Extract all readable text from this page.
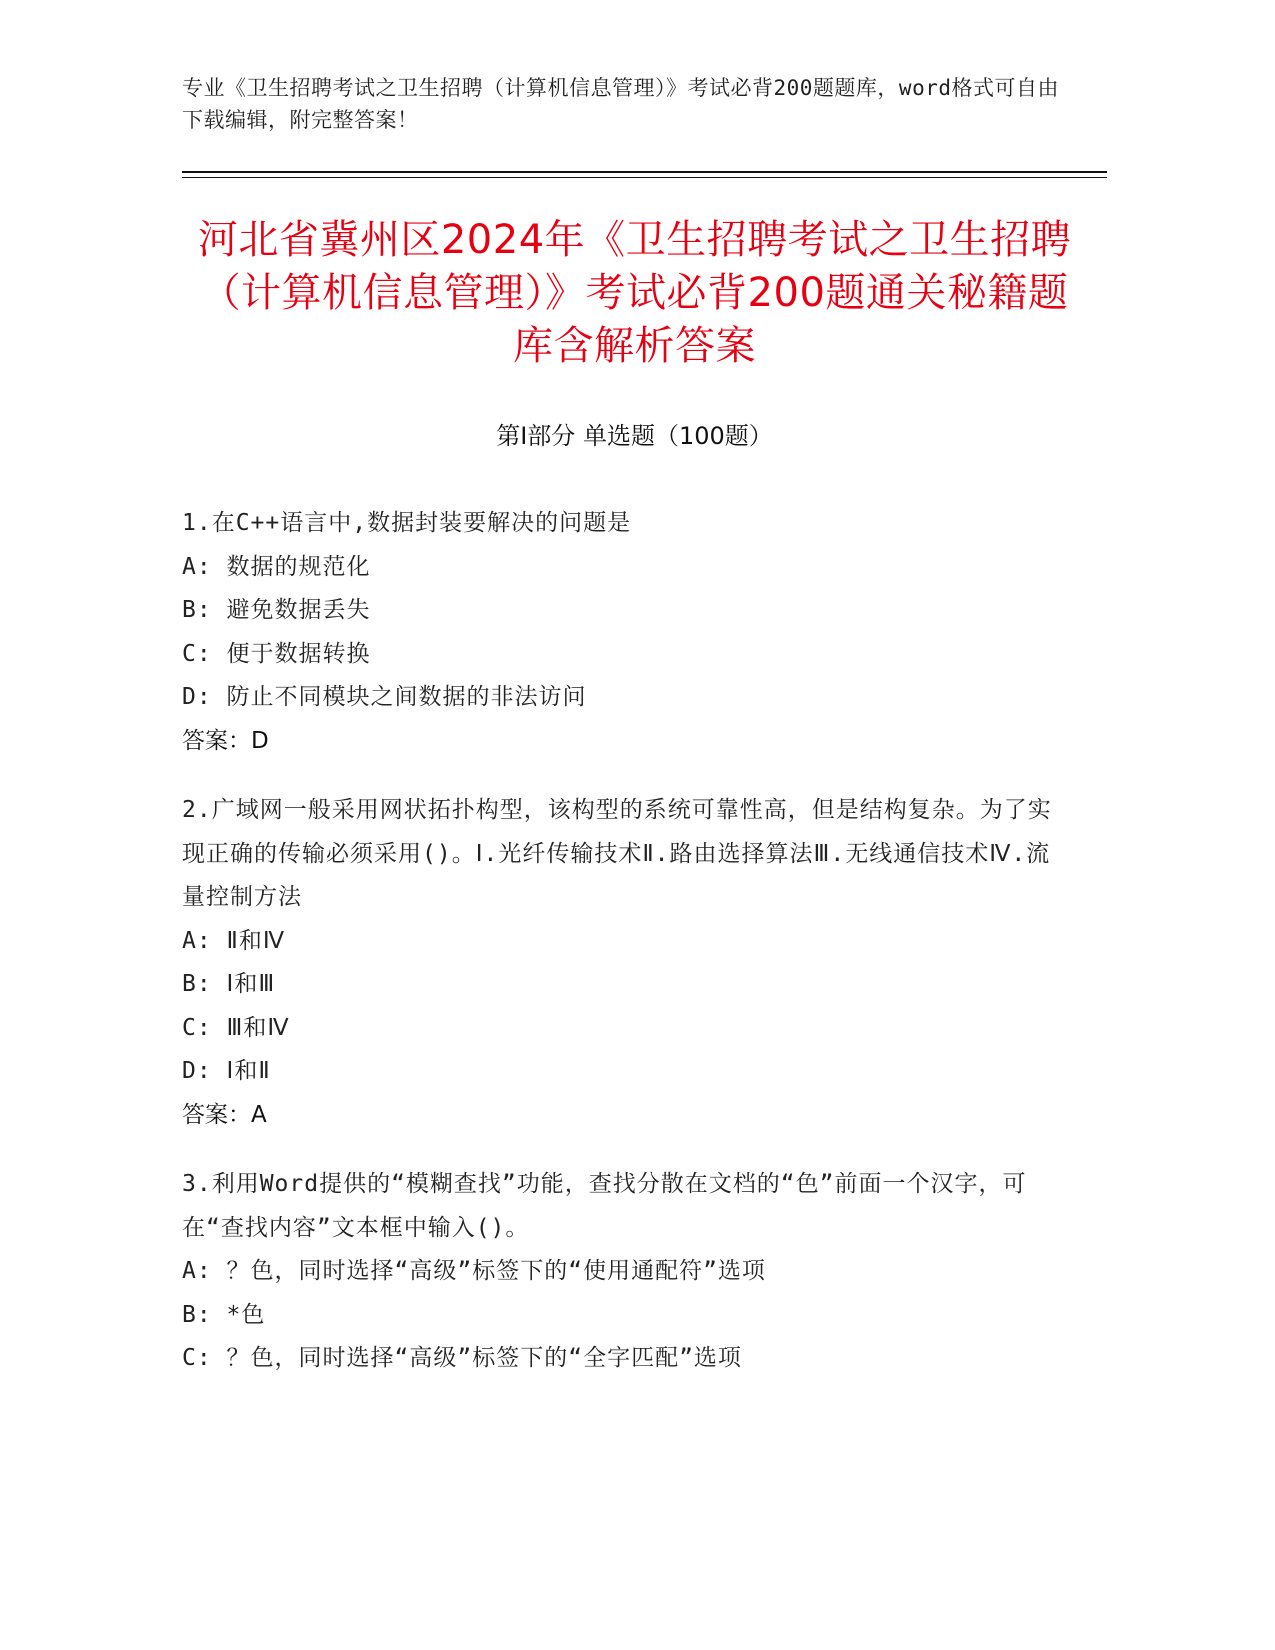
专业《卫生招聘考试之卫生招聘（计算机信息管理）》考试必背200题题库，word格式可自由下载编辑，附完整答案！
河北省冀州区2024年《卫生招聘考试之卫生招聘（计算机信息管理）》考试必背200题通关秘籍题库含解析答案
第Ⅰ部分 单选题（100题）
1.在C++语言中,数据封装要解决的问题是
A: 数据的规范化
B: 避免数据丢失
C: 便于数据转换
D: 防止不同模块之间数据的非法访问
答案：D
2.广域网一般采用网状拓扑构型，该构型的系统可靠性高，但是结构复杂。为了实现正确的传输必须采用()。Ⅰ.光纤传输技术Ⅱ.路由选择算法Ⅲ.无线通信技术Ⅳ.流量控制方法
A: Ⅱ和Ⅳ
B: Ⅰ和Ⅲ
C: Ⅲ和Ⅳ
D: Ⅰ和Ⅱ
答案：A
3.利用Word提供的“模糊查找”功能，查找分散在文档的“色”前面一个汉字，可在“查找内容”文本框中输入()。
A: ？色，同时选择“高级”标签下的“使用通配符”选项
B: *色
C: ？色，同时选择“高级”标签下的“全字匹配”选项
